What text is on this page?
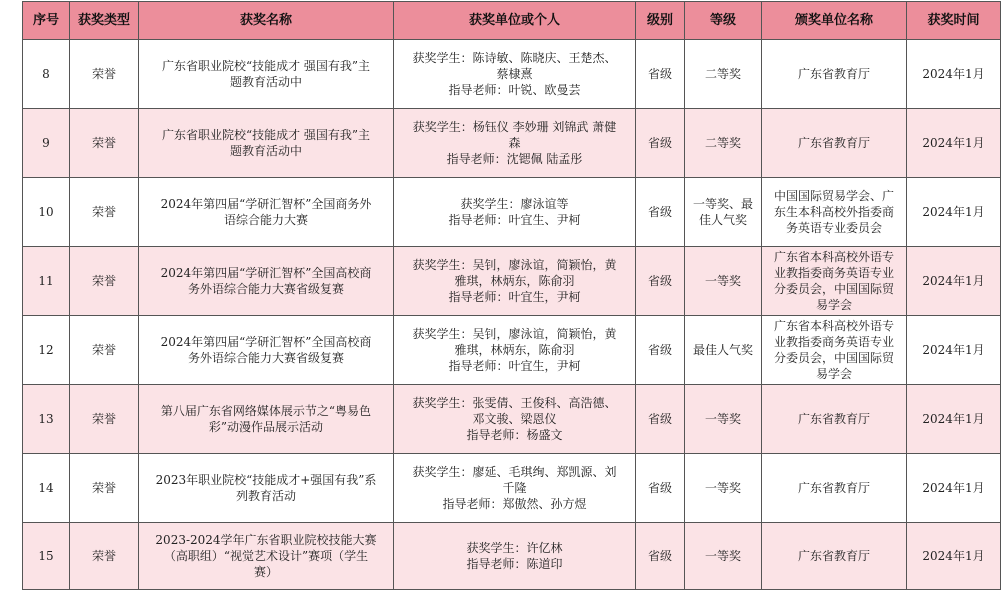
序号	获奖类型	获奖名称	获奖单位或个人	级别	等级	颁奖单位名称	获奖时间
8	荣誉	广东省职业院校“技能成才 强国有我”主
题教育活动中	获奖学生：陈诗敏、陈晓庆、王楚杰、
蔡棣熹
指导老师：叶锐、欧曼芸	省级	二等奖	广东省教育厅	2024年1月
9	荣誉	广东省职业院校“技能成才 强国有我”主
题教育活动中	获奖学生：杨钰仪 李妙珊 刘锦武 萧健
森
指导老师：沈锶佩 陆孟彤	省级	二等奖	广东省教育厅	2024年1月
10	荣誉	2024年第四届“学研汇智杯”全国商务外
语综合能力大赛	获奖学生：廖泳谊等
指导老师：叶宜生、尹柯	省级	一等奖、最
佳人气奖	中国国际贸易学会、广
东生本科高校外指委商
务英语专业委员会	2024年1月
11	荣誉	2024年第四届“学研汇智杯”全国高校商
务外语综合能力大赛省级复赛	获奖学生：吴钊，廖泳谊，简颖怡，黄
雅琪，林炳东，陈俞羽
指导老师：叶宜生，尹柯	省级	一等奖	广东省本科高校外语专
业教指委商务英语专业
分委员会，中国国际贸
易学会	2024年1月
12	荣誉	2024年第四届“学研汇智杯”全国高校商
务外语综合能力大赛省级复赛	获奖学生：吴钊，廖泳谊，简颖怡，黄
雅琪，林炳东，陈俞羽
指导老师：叶宜生，尹柯	省级	最佳人气奖	广东省本科高校外语专
业教指委商务英语专业
分委员会，中国国际贸
易学会	2024年1月
13	荣誉	第八届广东省网络媒体展示节之“粤易色
彩”动漫作品展示活动	获奖学生：张雯倩、王俊科、高浩德、
邓文骏、梁恩仪
指导老师：杨盛文	省级	一等奖	广东省教育厅	2024年1月
14	荣誉	2023年职业院校“技能成才+强国有我”系
列教育活动	获奖学生：廖延、毛琪绚、郑凯源、刘
千隆
指导老师：郑傲然、孙方煜	省级	一等奖	广东省教育厅	2024年1月
15	荣誉	2023-2024学年广东省职业院校技能大赛
（高职组）“视觉艺术设计”赛项（学生
赛）	获奖学生：许亿林
指导老师：陈道印	省级	一等奖	广东省教育厅	2024年1月
